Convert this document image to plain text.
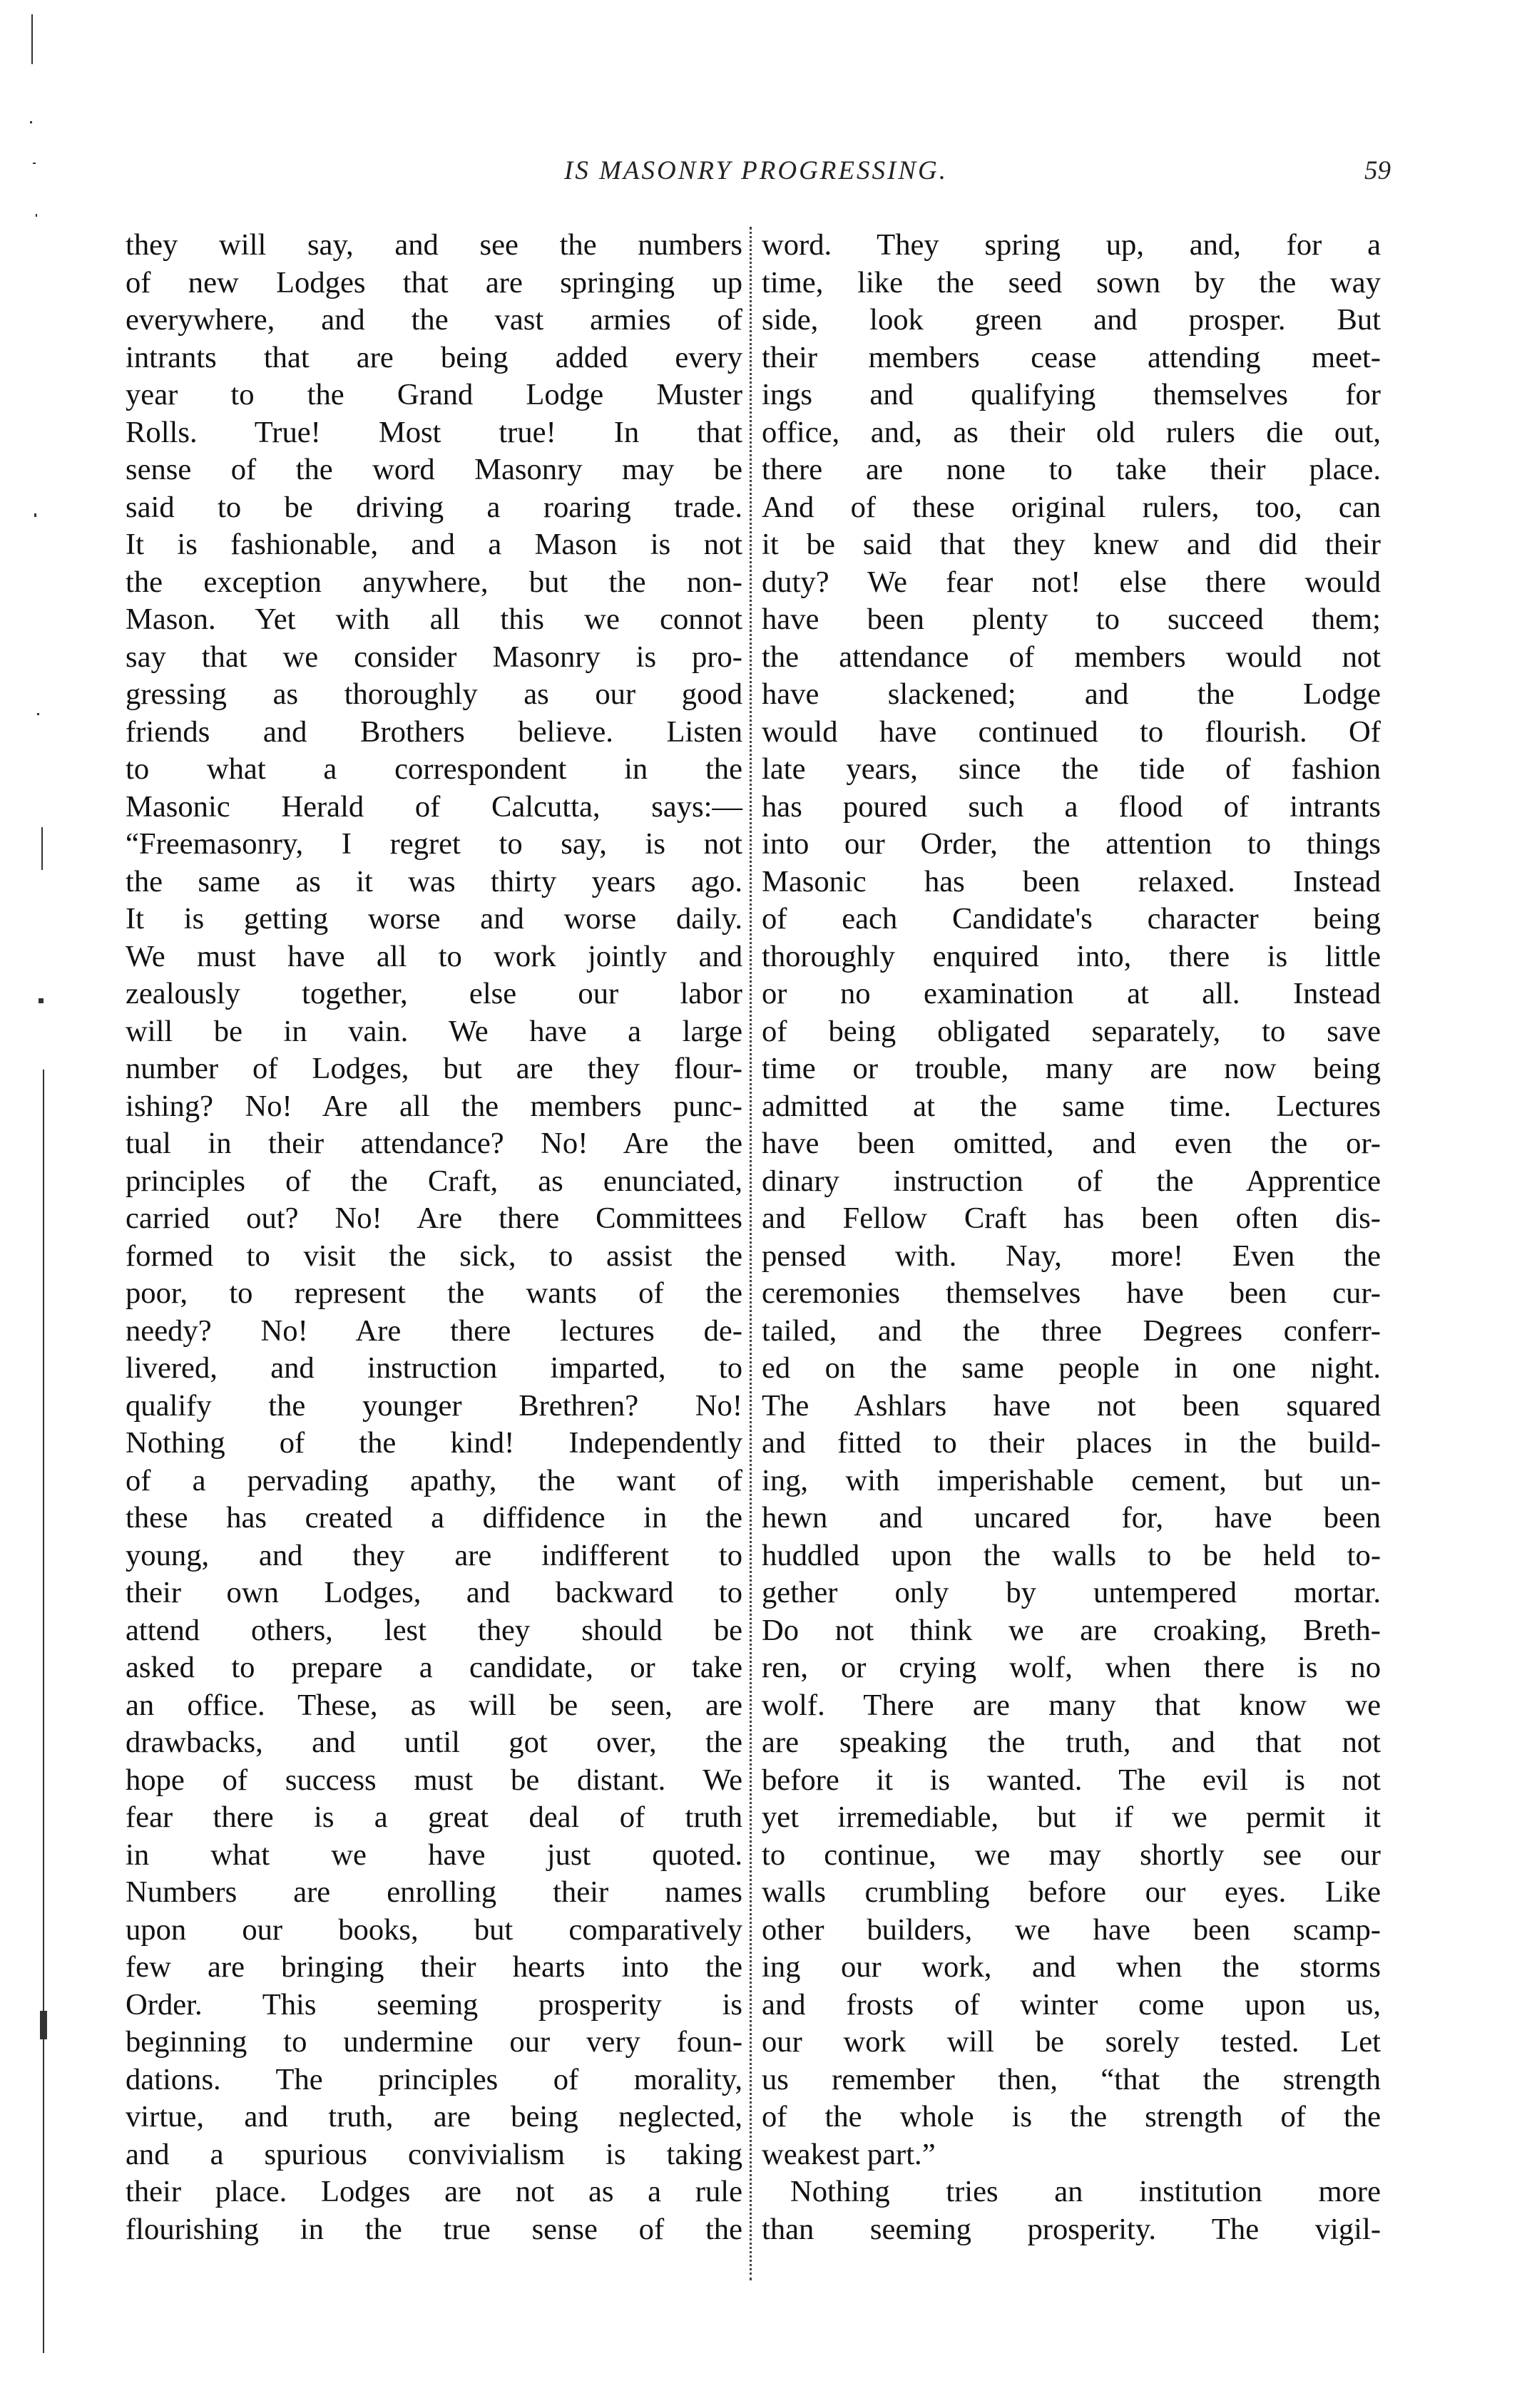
IS MASONRY PROGRESSING.	59
they will say, and see the numbers
of new Lodges that are springing up
everywhere, and the vast armies of
intrants that are being added every
year to the Grand Lodge Muster
Rolls. True! Most true! In that
sense of the word Masonry may be
said to be driving a roaring trade.
It is fashionable, and a Mason is not
the exception anywhere, but the non-
Mason. Yet with all this we connot
say that we consider Masonry is pro-
gressing as thoroughly as our good
friends and Brothers believe. Listen
to what a correspondent in the
Masonic Herald of Calcutta, says:—
“Freemasonry, I regret to say, is not
the same as it was thirty years ago.
It is getting worse and worse daily.
We must have all to work jointly and
zealously together, else our labor
will be in vain. We have a large
number of Lodges, but are they flour-
ishing? No! Are all the members punc-
tual in their attendance? No! Are the
principles of the Craft, as enunciated,
carried out? No! Are there Committees
formed to visit the sick, to assist the
poor, to represent the wants of the
needy? No! Are there lectures de-
livered, and instruction imparted, to
qualify the younger Brethren? No!
Nothing of the kind! Independently
of a pervading apathy, the want of
these has created a diffidence in the
young, and they are indifferent to
their own Lodges, and backward to
attend others, lest they should be
asked to prepare a candidate, or take
an office. These, as will be seen, are
drawbacks, and until got over, the
hope of success must be distant. We
fear there is a great deal of truth
in what we have just quoted.
Numbers are enrolling their names
upon our books, but comparatively
few are bringing their hearts into the
Order. This seeming prosperity is
beginning to undermine our very foun-
dations. The principles of morality,
virtue, and truth, are being neglected,
and a spurious convivialism is taking
their place. Lodges are not as a rule
flourishing in the true sense of the
word. They spring up, and, for a
time, like the seed sown by the way
side, look green and prosper. But
their members cease attending meet-
ings and qualifying themselves for
office, and, as their old rulers die out,
there are none to take their place.
And of these original rulers, too, can
it be said that they knew and did their
duty? We fear not! else there would
have been plenty to succeed them;
the attendance of members would not
have slackened; and the Lodge
would have continued to flourish. Of
late years, since the tide of fashion
has poured such a flood of intrants
into our Order, the attention to things
Masonic has been relaxed. Instead
of each Candidate's character being
thoroughly enquired into, there is little
or no examination at all. Instead
of being obligated separately, to save
time or trouble, many are now being
admitted at the same time. Lectures
have been omitted, and even the or-
dinary instruction of the Apprentice
and Fellow Craft has been often dis-
pensed with. Nay, more! Even the
ceremonies themselves have been cur-
tailed, and the three Degrees conferr-
ed on the same people in one night.
The Ashlars have not been squared
and fitted to their places in the build-
ing, with imperishable cement, but un-
hewn and uncared for, have been
huddled upon the walls to be held to-
gether only by untempered mortar.
Do not think we are croaking, Breth-
ren, or crying wolf, when there is no
wolf. There are many that know we
are speaking the truth, and that not
before it is wanted. The evil is not
yet irremediable, but if we permit it
to continue, we may shortly see our
walls crumbling before our eyes. Like
other builders, we have been scamp-
ing our work, and when the storms
and frosts of winter come upon us,
our work will be sorely tested. Let
us remember then, “that the strength
of the whole is the strength of the
weakest part.”
Nothing tries an institution more
than seeming prosperity. The vigil-
